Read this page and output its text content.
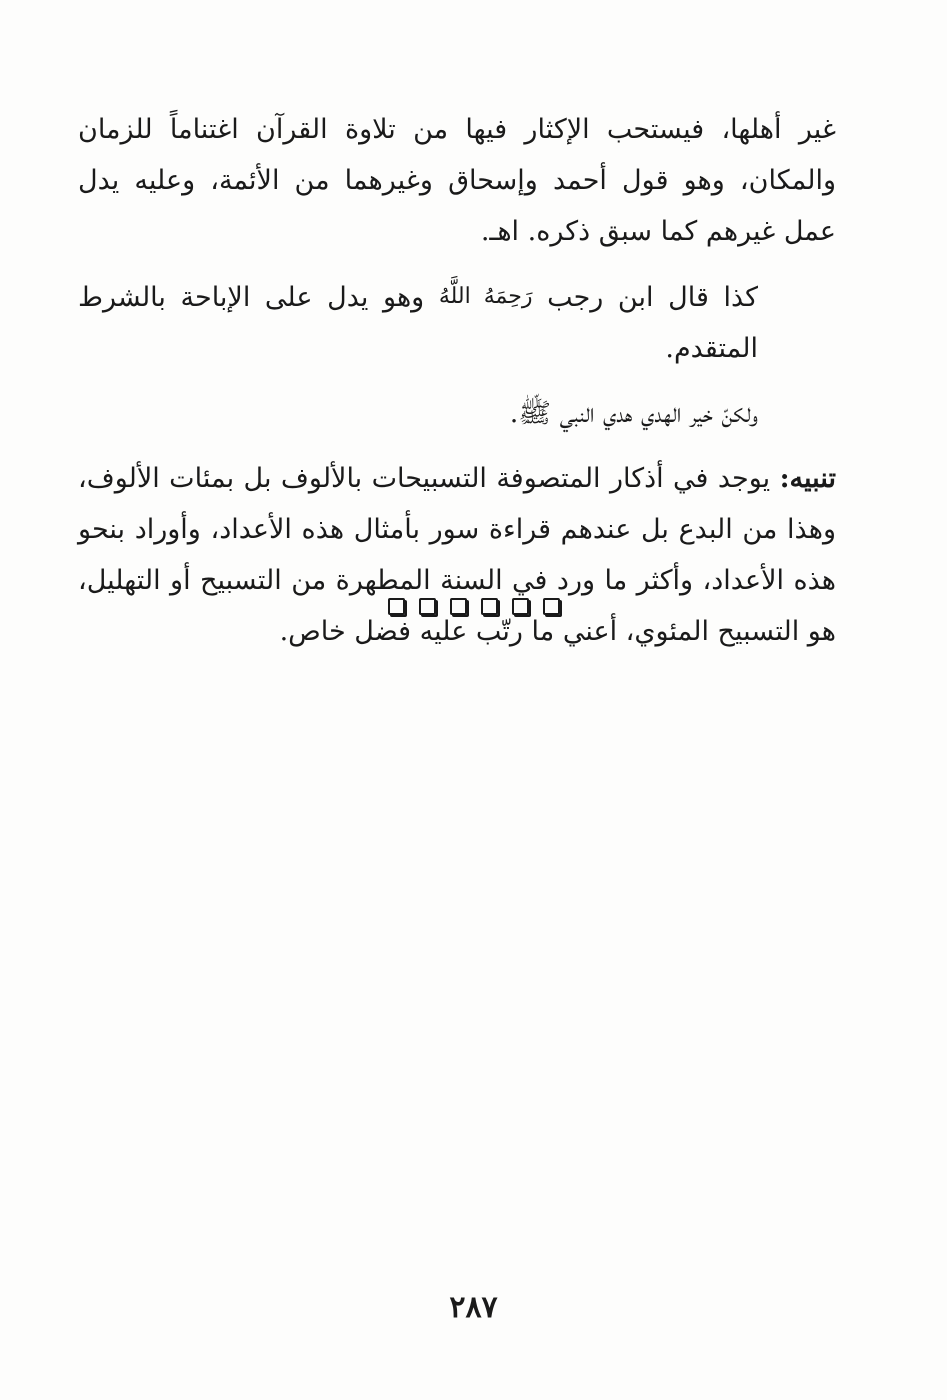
غير أهلها، فيستحب الإكثار فيها من تلاوة القرآن اغتناماً للزمان والمكان، وهو قول أحمد وإسحاق وغيرهما من الأئمة، وعليه يدل عمل غيرهم كما سبق ذكره. اهـ.

كذا قال ابن رجب رَحِمَهُ اللَّهُ وهو يدل على الإباحة بالشرط المتقدم.

ولكنّ خير الهدي هدي النبي ﷺ.

تنبيه: يوجد في أذكار المتصوفة التسبيحات بالألوف بل بمئات الألوف، وهذا من البدع بل عندهم قراءة سور بأمثال هذه الأعداد، وأوراد بنحو هذه الأعداد، وأكثر ما ورد في السنة المطهرة من التسبيح أو التهليل، هو التسبيح المئوي، أعني ما رتّب عليه فضل خاص.

٢٨٧
